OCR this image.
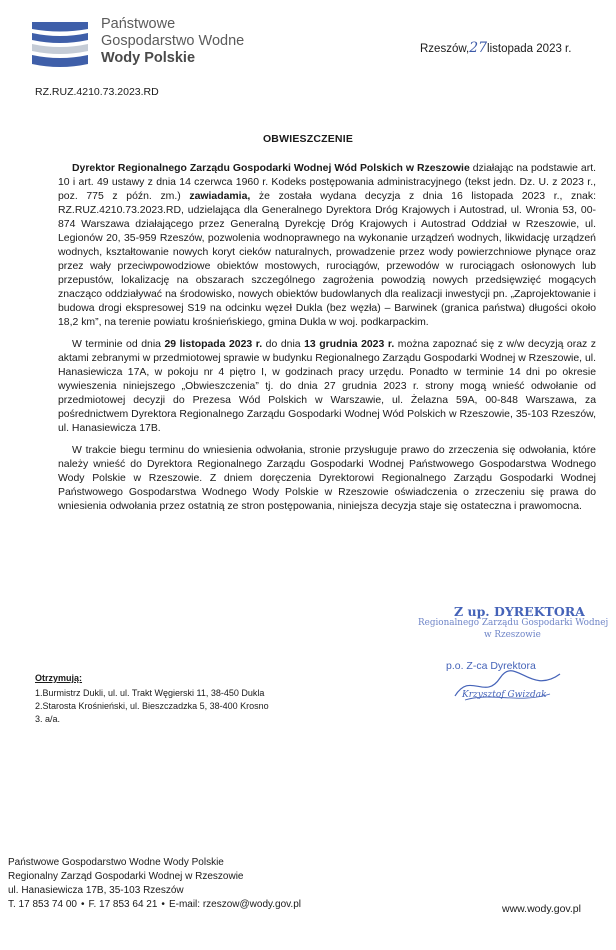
Państwowe
Gospodarstwo Wodne
Wody Polskie
Rzeszów,27listopada 2023 r.
RZ.RUZ.4210.73.2023.RD
OBWIESZCZENIE

Dyrektor Regionalnego Zarządu Gospodarki Wodnej Wód Polskich w Rzeszowie działając na podstawie art. 10 i art. 49 ustawy z dnia 14 czerwca 1960 r. Kodeks postępowania administracyjnego (tekst jedn. Dz. U. z 2023 r., poz. 775 z późn. zm.) zawiadamia, że została wydana decyzja z dnia 16 listopada 2023 r., znak: RZ.RUZ.4210.73.2023.RD, udzielająca dla Generalnego Dyrektora Dróg Krajowych i Autostrad, ul. Wronia 53, 00-874 Warszawa działającego przez Generalną Dyrekcję Dróg Krajowych i Autostrad Oddział w Rzeszowie, ul. Legionów 20, 35-959 Rzeszów, pozwolenia wodnoprawnego na wykonanie urządzeń wodnych, likwidację urządzeń wodnych, kształtowanie nowych koryt cieków naturalnych, prowadzenie przez wody powierzchniowe płynące oraz przez wały przeciwpowodziowe obiektów mostowych, rurociągów, przewodów w rurociągach osłonowych lub przepustów, lokalizację na obszarach szczególnego zagrożenia powodzią nowych przedsięwzięć mogących znacząco oddziaływać na środowisko, nowych obiektów budowlanych dla realizacji inwestycji pn. „Zaprojektowanie i budowa drogi ekspresowej S19 na odcinku węzeł Dukla (bez węzła) – Barwinek (granica państwa) długości około 18,2 km”, na terenie powiatu krośnieńskiego, gmina Dukla w woj. podkarpackim.

W terminie od dnia 29 listopada 2023 r. do dnia 13 grudnia 2023 r. można zapoznać się z w/w decyzją oraz z aktami zebranymi w przedmiotowej sprawie w budynku Regionalnego Zarządu Gospodarki Wodnej w Rzeszowie, ul. Hanasiewicza 17A, w pokoju nr 4 piętro I, w godzinach pracy urzędu. Ponadto w terminie 14 dni po okresie wywieszenia niniejszego „Obwieszczenia” tj. do dnia 27 grudnia 2023 r. strony mogą wnieść odwołanie od przedmiotowej decyzji do Prezesa Wód Polskich w Warszawie, ul. Żelazna 59A, 00-848 Warszawa, za pośrednictwem Dyrektora Regionalnego Zarządu Gospodarki Wodnej Wód Polskich w Rzeszowie, 35-103 Rzeszów, ul. Hanasiewicza 17B.

W trakcie biegu terminu do wniesienia odwołania, stronie przysługuje prawo do zrzeczenia się odwołania, które należy wnieść do Dyrektora Regionalnego Zarządu Gospodarki Wodnej Państwowego Gospodarstwa Wodnego Wody Polskie w Rzeszowie. Z dniem doręczenia Dyrektorowi Regionalnego Zarządu Gospodarki Wodnej Państwowego Gospodarstwa Wodnego Wody Polskie w Rzeszowie oświadczenia o zrzeczeniu się prawa do wniesienia odwołania przez ostatnią ze stron postępowania, niniejsza decyzja staje się ostateczna i prawomocna.

Z up. DYREKTORA
Regionalnego Zarządu Gospodarki Wodnej
w Rzeszowie
p.o. Z-ca Dyrektora
Krzysztof Gwizdak
Otrzymują:
1.Burmistrz Dukli, ul. ul. Trakt Węgierski 11, 38-450 Dukla
2.Starosta Krośnieński, ul. Bieszczadzka 5, 38-400 Krosno
3. a/a.
Państwowe Gospodarstwo Wodne Wody Polskie
Regionalny Zarząd Gospodarki Wodnej w Rzeszowie
ul. Hanasiewicza 17B, 35-103 Rzeszów
T. 17 853 74 00 • F. 17 853 64 21 • E-mail: rzeszow@wody.gov.pl	www.wody.gov.pl
